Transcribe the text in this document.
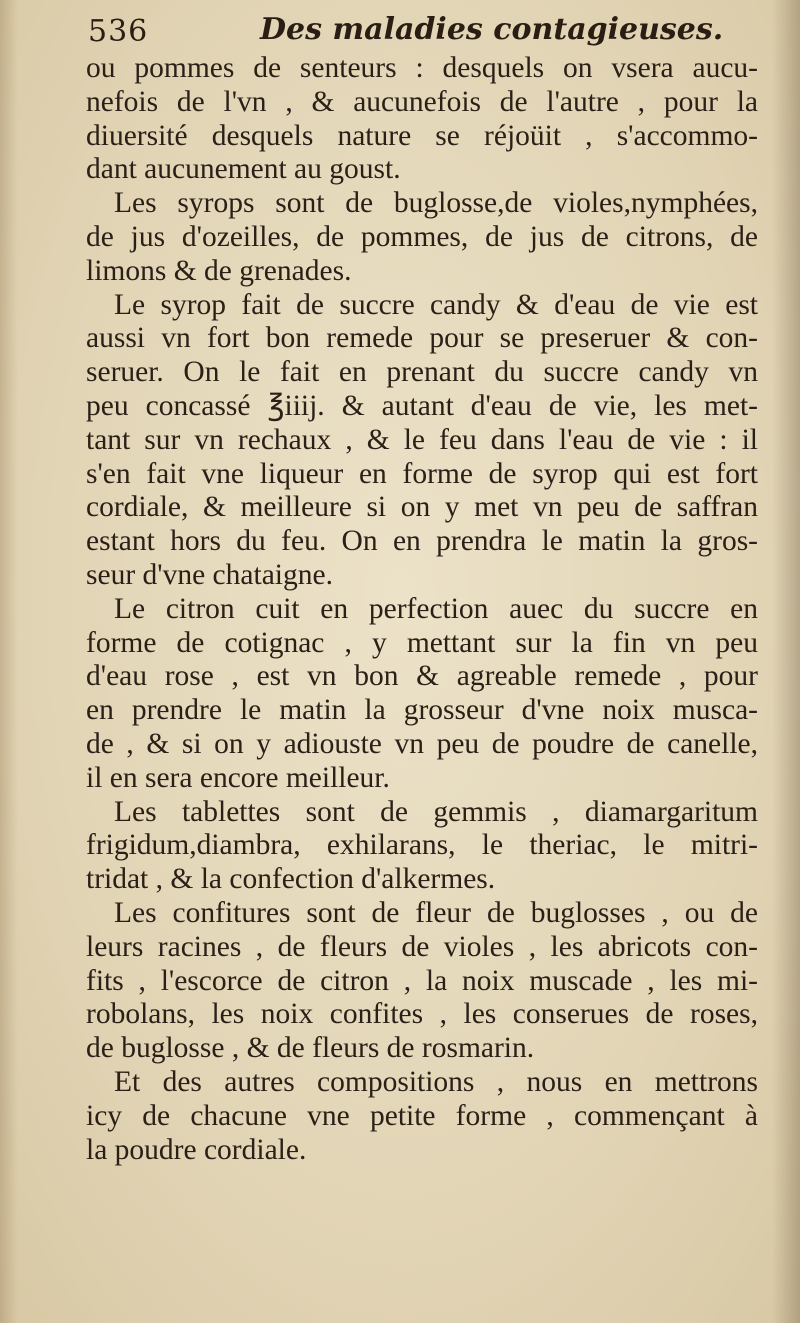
536	Des maladies contagieuses.
ou pommes de senteurs : desquels on vsera aucu-
nefois de l'vn , & aucunefois de l'autre , pour la
diuersité desquels nature se réjoüit , s'accommo-
dant aucunement au goust.
Les syrops sont de buglosse,de violes,nymphées,
de jus d'ozeilles, de pommes, de jus de citrons, de
limons & de grenades.
Le syrop fait de succre candy & d'eau de vie est
aussi vn fort bon remede pour se preseruer & con-
seruer. On le fait en prenant du succre candy vn
peu concassé ℥iiij. & autant d'eau de vie, les met-
tant sur vn rechaux , & le feu dans l'eau de vie : il
s'en fait vne liqueur en forme de syrop qui est fort
cordiale, & meilleure si on y met vn peu de saffran
estant hors du feu. On en prendra le matin la gros-
seur d'vne chataigne.
Le citron cuit en perfection auec du succre en
forme de cotignac , y mettant sur la fin vn peu
d'eau rose , est vn bon & agreable remede , pour
en prendre le matin la grosseur d'vne noix musca-
de , & si on y adiouste vn peu de poudre de canelle,
il en sera encore meilleur.
Les tablettes sont de gemmis , diamargaritum
frigidum,diambra, exhilarans, le theriac, le mitri-
tridat , & la confection d'alkermes.
Les confitures sont de fleur de buglosses , ou de
leurs racines , de fleurs de violes , les abricots con-
fits , l'escorce de citron , la noix muscade , les mi-
robolans, les noix confites , les conserues de roses,
de buglosse , & de fleurs de rosmarin.
Et des autres compositions , nous en mettrons
icy de chacune vne petite forme , commençant à
la poudre cordiale.
